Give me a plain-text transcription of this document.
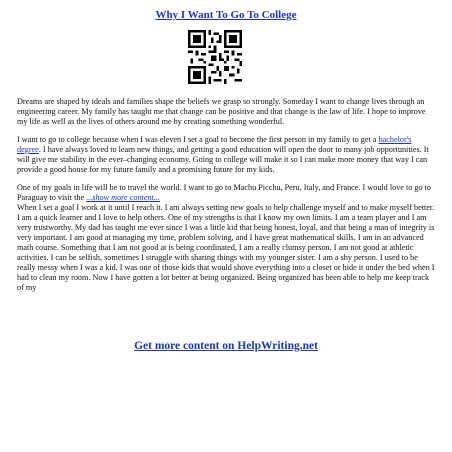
Why I Want To Go To College

Dreams are shaped by ideals and families shape the beliefs we grasp so strongly. Someday I want to change lives through an engineering career. My family has taught me that change can be positive and that change is the law of life. I hope to improve my life as well as the lives of others around me by creating something wonderful.

I want to go to college because when I was eleven I set a goal to become the first person in my family to get a bachelor's degree. I have always loved to learn new things, and getting a good education will open the door to many job opportunities. It will give me stability in the ever–changing economy. Going to college will make it so I can make more money that way I can provide a good house for my future family and a promising future for my kids.

One of my goals in life will be to travel the world. I want to go to Machu Picchu, Peru, Italy, and France. I would love to go to Paraguay to visit the ...show more content...

When I set a goal I work at it until I reach it. I am always setting new goals to help challenge myself and to make myself better. I am a quick learner and I love to help others. One of my strengths is that I know my own limits. I am a team player and I am very trustworthy. My dad has taught me ever since I was a little kid that being honest, loyal, and that being a man of integrity is very important. I am good at managing my time, problem solving, and I have great mathematical skills. I am in an advanced math course. Something that I am not good at is being coordinated, I am a really clumsy person. I am not good at athletic activities. I can be selfish, sometimes I struggle with sharing things with my younger sister. I am a shy person. I used to be really messy when I was a kid. I was one of those kids that would shove everything into a closet or hide it under the bed when I had to clean my room. Now I have gotten a lot better at being organized. Being organized has been able to help me keep track of my

Get more content on HelpWriting.net
